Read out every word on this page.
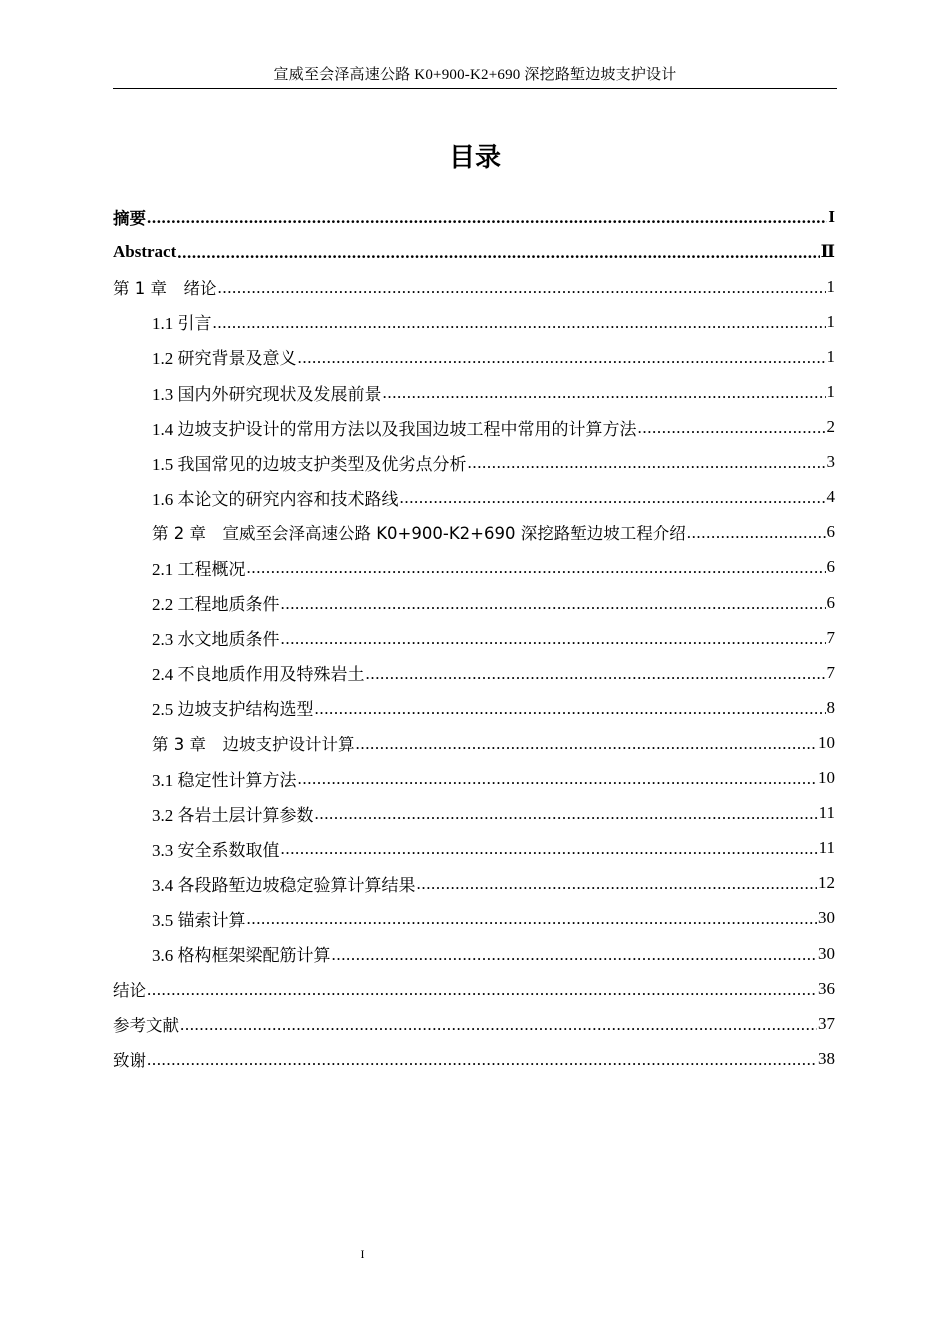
宣威至会泽高速公路 K0+900-K2+690 深挖路堑边坡支护设计
目录
摘要 .....	I
Abstract .....	Ⅱ
第 1 章　绪论 .....	1
1.1 引言 .....	1
1.2 研究背景及意义 .....	1
1.3 国内外研究现状及发展前景 .....	1
1.4 边坡支护设计的常用方法以及我国边坡工程中常用的计算方法 .....	2
1.5 我国常见的边坡支护类型及优劣点分析 .....	3
1.6 本论文的研究内容和技术路线 .....	4
第 2 章　宣威至会泽高速公路 K0+900-K2+690 深挖路堑边坡工程介绍 .....	6
2.1 工程概况 .....	6
2.2 工程地质条件 .....	6
2.3 水文地质条件 .....	7
2.4 不良地质作用及特殊岩土 .....	7
2.5 边坡支护结构选型 .....	8
第 3 章　边坡支护设计计算 .....	10
3.1 稳定性计算方法 .....	10
3.2 各岩土层计算参数 .....	11
3.3 安全系数取值 .....	11
3.4 各段路堑边坡稳定验算计算结果 .....	12
3.5 锚索计算 .....	30
3.6 格构框架梁配筋计算 .....	30
结论 .....	36
参考文献 .....	37
致谢 .....	38
I
